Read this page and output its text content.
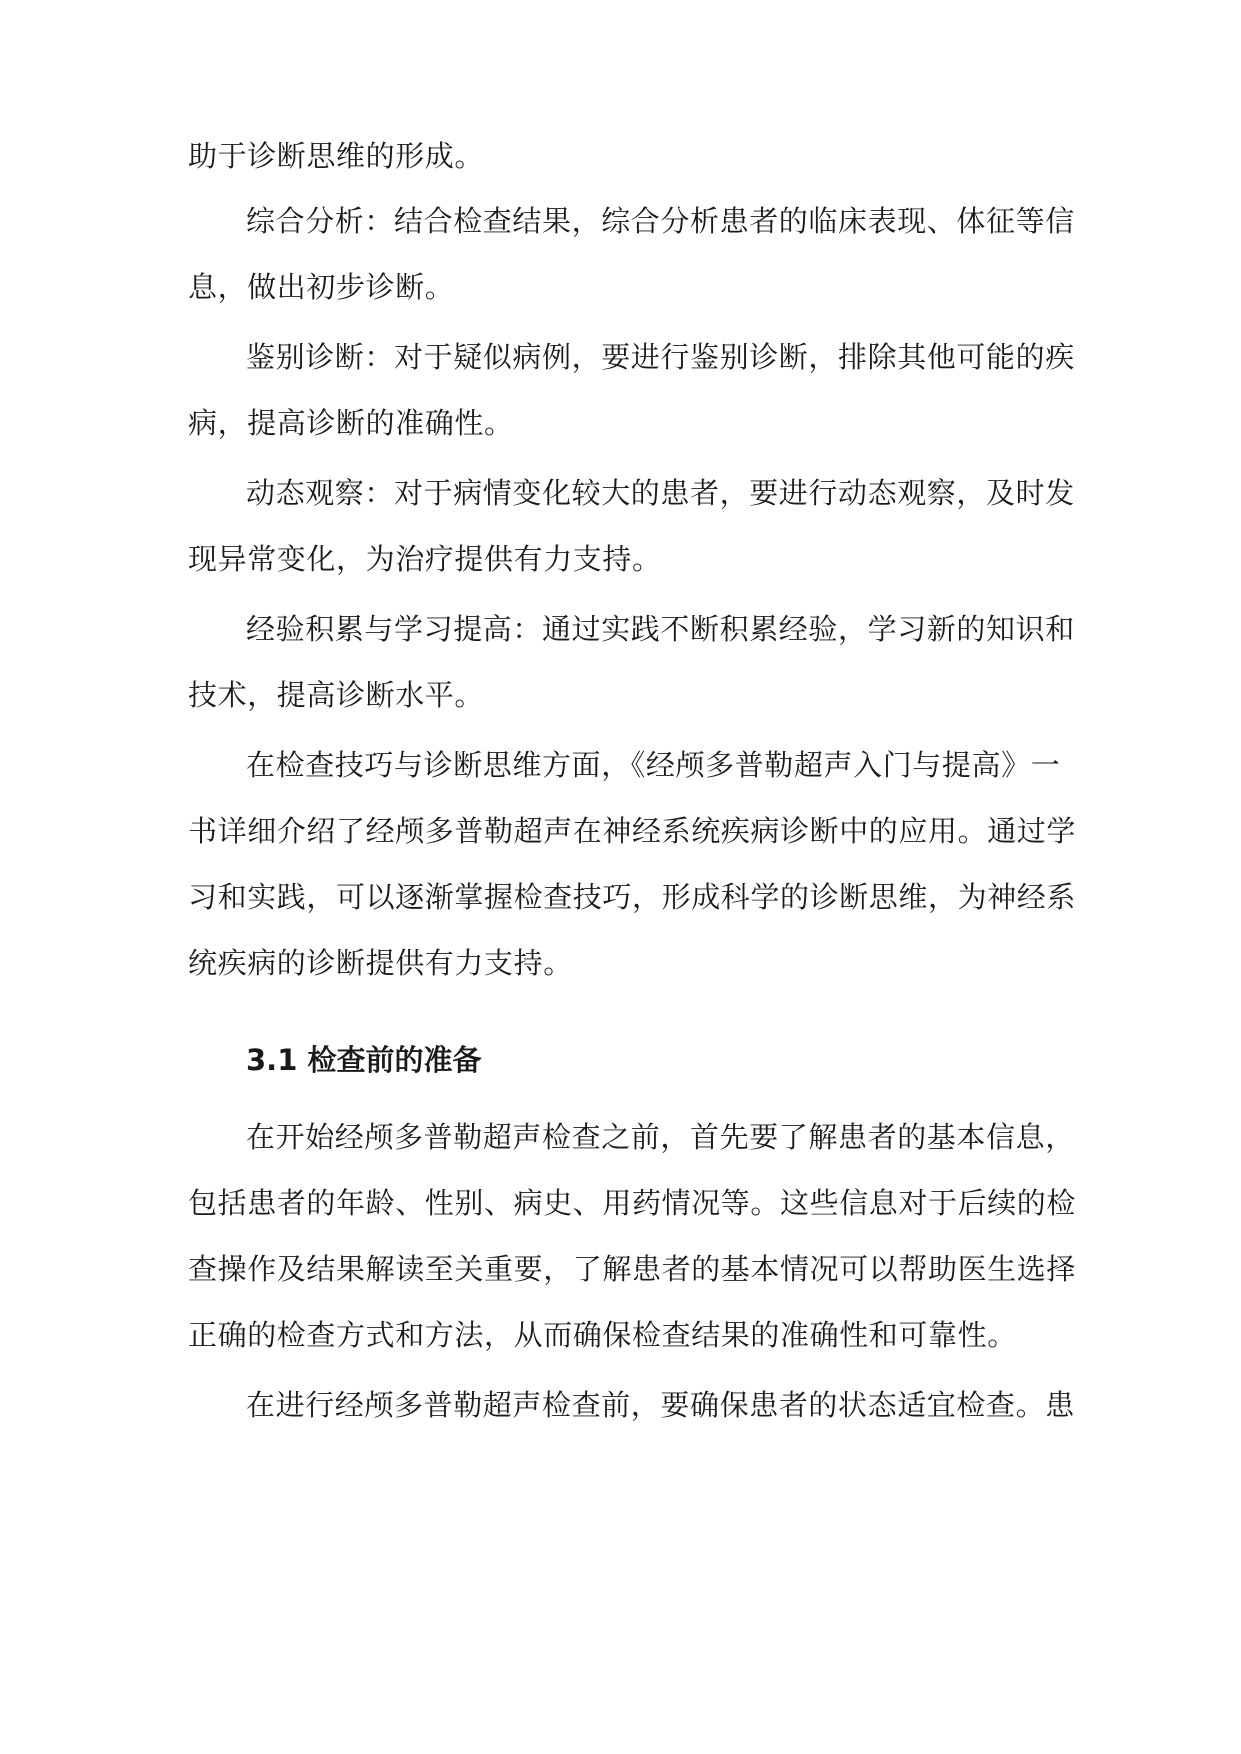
助于诊断思维的形成。
综合分析：结合检查结果，综合分析患者的临床表现、体征等信
息，做出初步诊断。
鉴别诊断：对于疑似病例，要进行鉴别诊断，排除其他可能的疾
病，提高诊断的准确性。
动态观察：对于病情变化较大的患者，要进行动态观察，及时发
现异常变化，为治疗提供有力支持。
经验积累与学习提高：通过实践不断积累经验，学习新的知识和
技术，提高诊断水平。
在检查技巧与诊断思维方面，《经颅多普勒超声入门与提高》一
书详细介绍了经颅多普勒超声在神经系统疾病诊断中的应用。通过学
习和实践，可以逐渐掌握检查技巧，形成科学的诊断思维，为神经系
统疾病的诊断提供有力支持。
3.1 检查前的准备
在开始经颅多普勒超声检查之前，首先要了解患者的基本信息，
包括患者的年龄、性别、病史、用药情况等。这些信息对于后续的检
查操作及结果解读至关重要，了解患者的基本情况可以帮助医生选择
正确的检查方式和方法，从而确保检查结果的准确性和可靠性。
在进行经颅多普勒超声检查前，要确保患者的状态适宜检查。患
